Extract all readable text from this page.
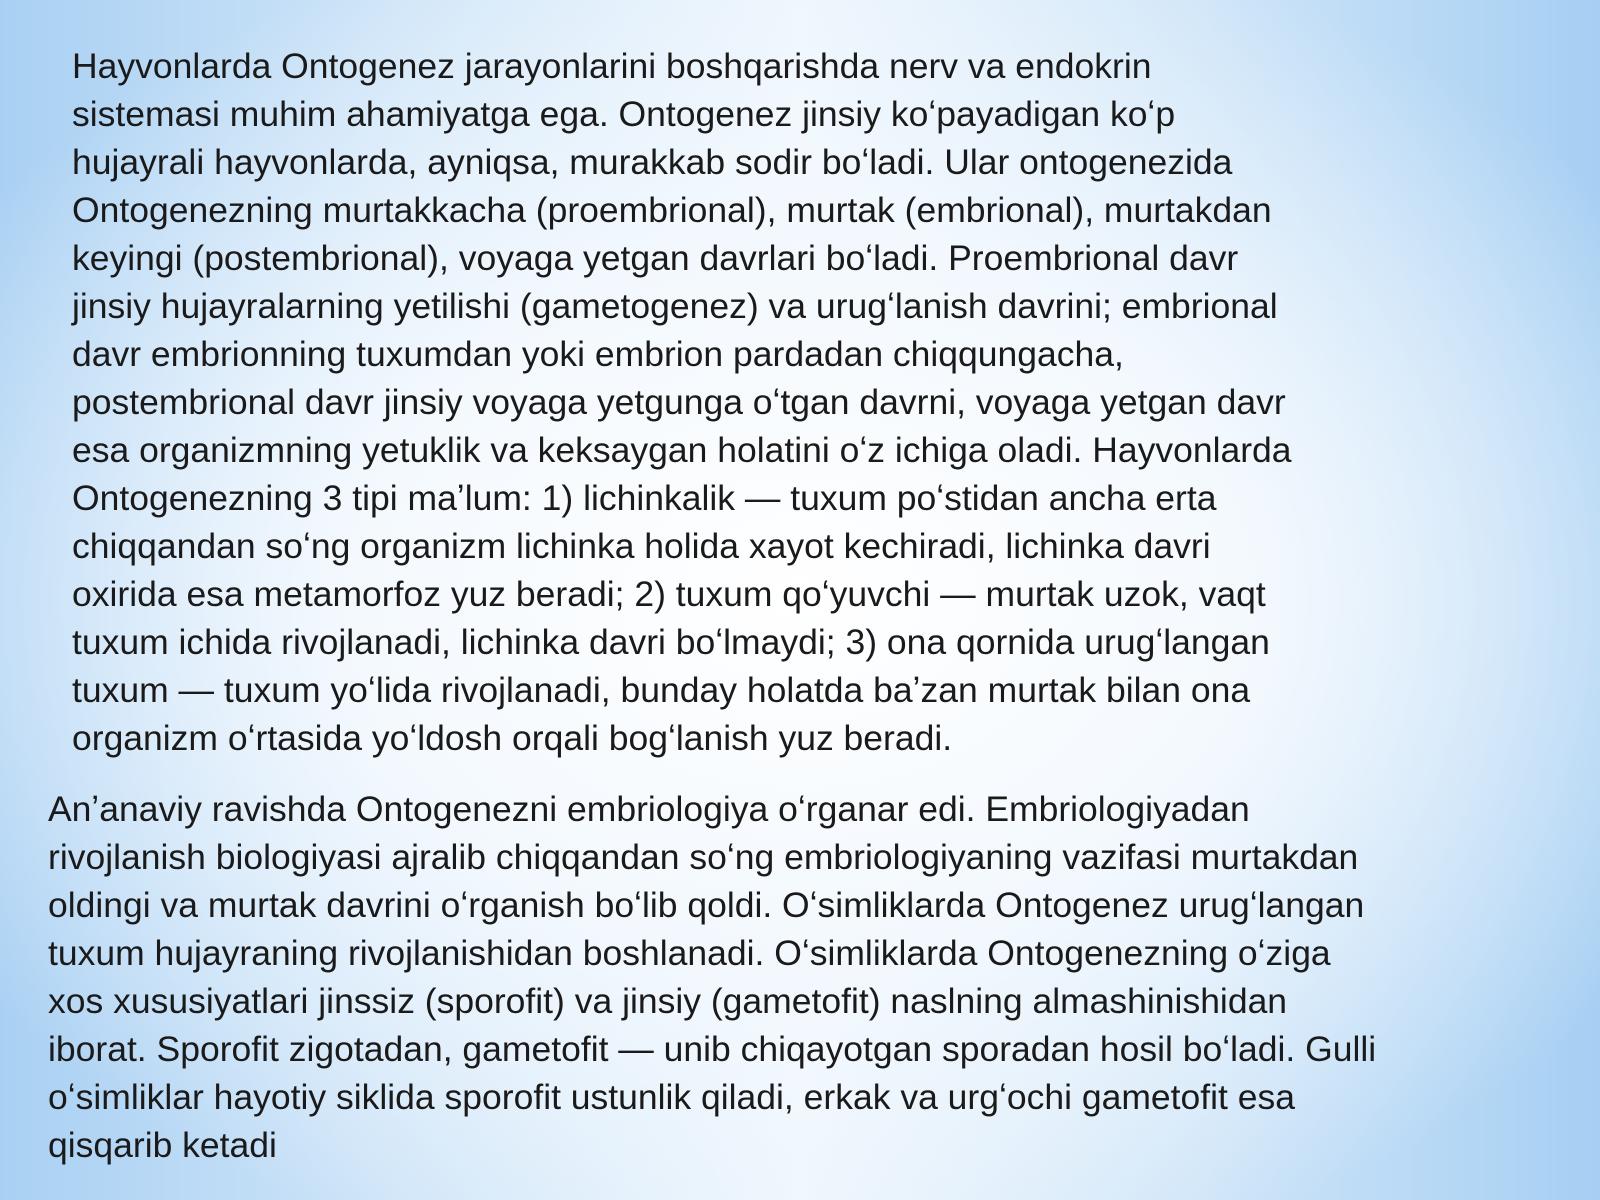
Hayvonlarda Ontogenez jarayonlarini boshqarishda nerv va endokrin
sistemasi muhim ahamiyatga ega. Ontogenez jinsiy koʻpayadigan koʻp
hujayrali hayvonlarda, ayniqsa, murakkab sodir boʻladi. Ular ontogenezida
Ontogenezning murtakkacha (proembrional), murtak (embrional), murtakdan
keyingi (postembrional), voyaga yetgan davrlari boʻladi. Proembrional davr
jinsiy hujayralarning yetilishi (gametogenez) va urugʻlanish davrini; embrional
davr embrionning tuxumdan yoki embrion pardadan chiqqungacha,
postembrional davr jinsiy voyaga yetgunga oʻtgan davrni, voyaga yetgan davr
esa organizmning yetuklik va keksaygan holatini oʻz ichiga oladi. Hayvonlarda
Ontogenezning 3 tipi maʼlum: 1) lichinkalik — tuxum poʻstidan ancha erta
chiqqandan soʻng organizm lichinka holida xayot kechiradi, lichinka davri
oxirida esa metamorfoz yuz beradi; 2) tuxum qoʻyuvchi — murtak uzok, vaqt
tuxum ichida rivojlanadi, lichinka davri boʻlmaydi; 3) ona qornida urugʻlangan
tuxum — tuxum yoʻlida rivojlanadi, bunday holatda baʼzan murtak bilan ona
organizm oʻrtasida yoʻldosh orqali bogʻlanish yuz beradi.

Anʼanaviy ravishda Ontogenezni embriologiya oʻrganar edi. Embriologiyadan
rivojlanish biologiyasi ajralib chiqqandan soʻng embriologiyaning vazifasi murtakdan
oldingi va murtak davrini oʻrganish boʻlib qoldi. Oʻsimliklarda Ontogenez urugʻlangan
tuxum hujayraning rivojlanishidan boshlanadi. Oʻsimliklarda Ontogenezning oʻziga
xos xususiyatlari jinssiz (sporofit) va jinsiy (gametofit) naslning almashinishidan
iborat. Sporofit zigotadan, gametofit — unib chiqayotgan sporadan hosil boʻladi. Gulli
oʻsimliklar hayotiy siklida sporofit ustunlik qiladi, erkak va urgʻochi gametofit esa
qisqarib ketadi
